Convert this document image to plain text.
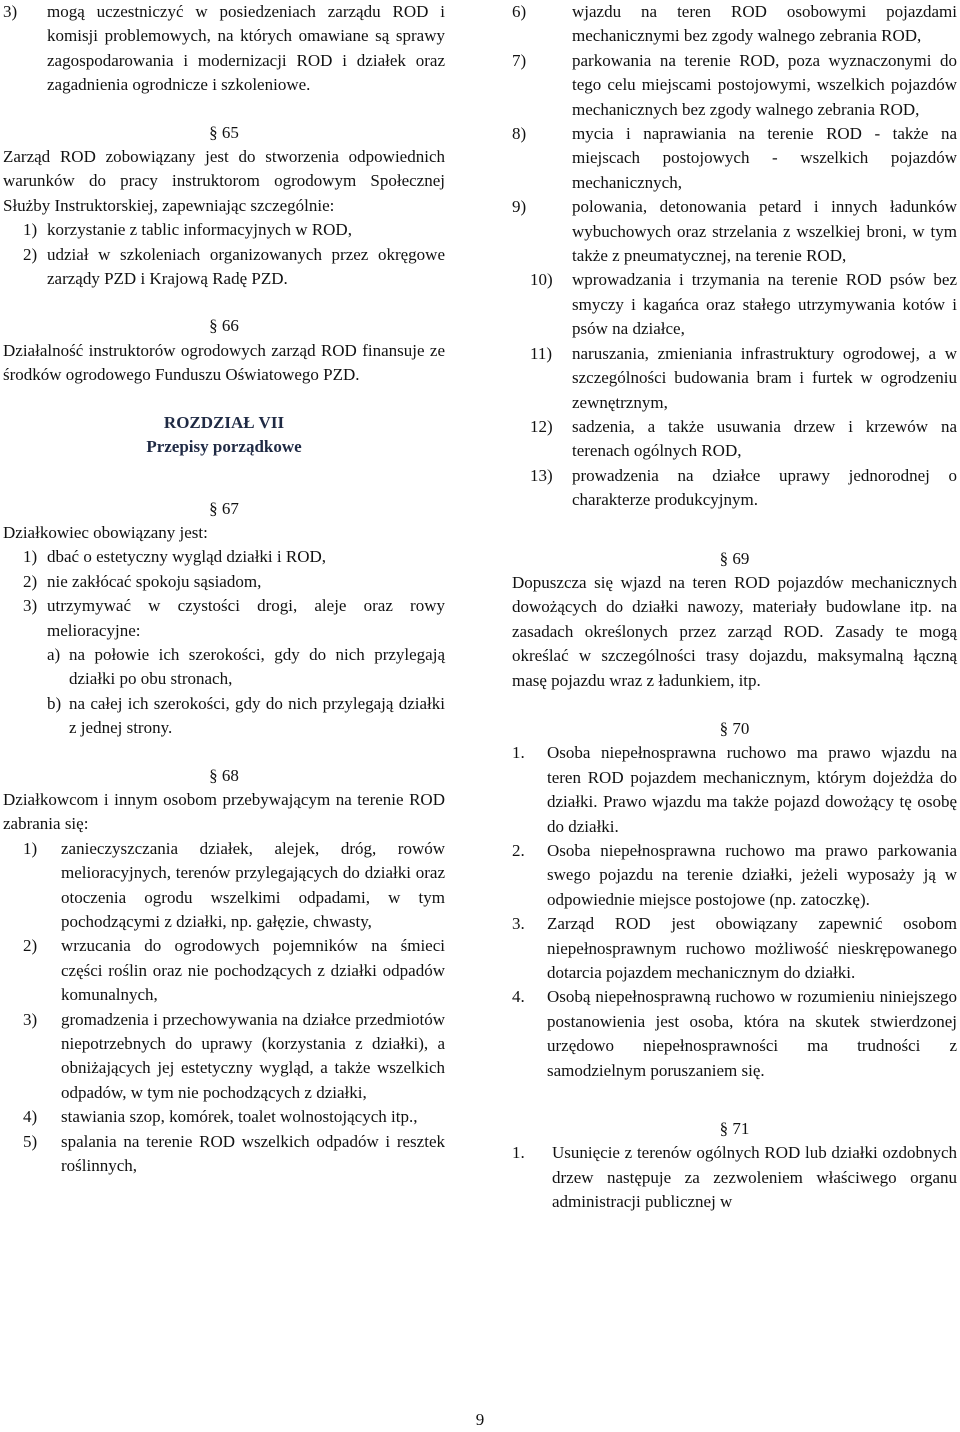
3) mogą uczestniczyć w posiedzeniach zarządu ROD i komisji problemowych, na których omawiane są sprawy zagospodarowania i modernizacji ROD i działek oraz zagadnienia ogrodnicze i szkoleniowe.

§ 65

Zarząd ROD zobowiązany jest do stworzenia odpowiednich warunków do pracy instruktorom ogrodowym Społecznej Służby Instruktorskiej, zapewniając szczególnie:

1) korzystanie z tablic informacyjnych w ROD,
2) udział w szkoleniach organizowanych przez okręgowe zarządy PZD i Krajową Radę PZD.

§ 66

Działalność instruktorów ogrodowych zarząd ROD finansuje ze środków ogrodowego Funduszu Oświatowego PZD.

ROZDZIAŁ VII

Przepisy porządkowe

§ 67

Działkowiec obowiązany jest:

1) dbać o estetyczny wygląd działki i ROD,
2) nie zakłócać spokoju sąsiadom,
3) utrzymywać w czystości drogi, aleje oraz rowy melioracyjne:
a) na połowie ich szerokości, gdy do nich przylegają działki po obu stronach,
b) na całej ich szerokości, gdy do nich przylegają działki z jednej strony.

§ 68

Działkowcom i innym osobom przebywającym na terenie ROD zabrania się:

1) zanieczyszczania działek, alejek, dróg, rowów melioracyjnych, terenów przylegających do działki oraz otoczenia ogrodu wszelkimi odpadami, w tym pochodzącymi z działki, np. gałęzie, chwasty,
2) wrzucania do ogrodowych pojemników na śmieci części roślin oraz nie pochodzących z działki odpadów komunalnych,
3) gromadzenia i przechowywania na działce przedmiotów niepotrzebnych do uprawy (korzystania z działki), a obniżających jej estetyczny wygląd, a także wszelkich odpadów, w tym nie pochodzących z działki,
4) stawiania szop, komórek, toalet wolnostojących itp.,
5) spalania na terenie ROD wszelkich odpadów i resztek roślinnych,
6)	wjazdu na teren ROD osobowymi pojazdami mechanicznymi bez zgody walnego zebrania ROD,
7)	parkowania na terenie ROD, poza wyznaczonymi do tego celu miejscami postojowymi, wszelkich pojazdów mechanicznych bez zgody walnego zebrania ROD,
8)	mycia i naprawiania na terenie ROD - także na miejscach postojowych - wszelkich pojazdów mechanicznych,
9)	polowania, detonowania petard i innych ładunków wybuchowych oraz strzelania z wszelkiej broni, w tym także z pneumatycznej, na terenie ROD,
10) wprowadzania i trzymania na terenie ROD psów bez smyczy i kagańca oraz stałego utrzymywania kotów i psów na działce,
11) naruszania, zmieniania infrastruktury ogrodowej, a w szczególności budowania bram i furtek w ogrodzeniu zewnętrznym,
12) sadzenia, a także usuwania drzew i krzewów na terenach ogólnych ROD,
13) prowadzenia na działce uprawy jednorodnej o charakterze produkcyjnym.

§ 69

Dopuszcza się wjazd na teren ROD pojazdów mechanicznych dowożących do działki nawozy, materiały budowlane itp. na zasadach określonych przez zarząd ROD. Zasady te mogą określać w szczególności trasy dojazdu, maksymalną łączną masę pojazdu wraz z ładunkiem, itp.

§ 70

1. Osoba niepełnosprawna ruchowo ma prawo wjazdu na teren ROD pojazdem mechanicznym, którym dojeżdża do działki. Prawo wjazdu ma także pojazd dowożący tę osobę do działki.
2. Osoba niepełnosprawna ruchowo ma prawo parkowania swego pojazdu na terenie działki, jeżeli wyposaży ją w odpowiednie miejsce postojowe (np. zatoczkę).
3. Zarząd ROD jest obowiązany zapewnić osobom niepełnosprawnym ruchowo możliwość nieskrępowanego dotarcia pojazdem mechanicznym do działki.
4. Osobą niepełnosprawną ruchowo w rozumieniu niniejszego postanowienia jest osoba, która na skutek stwierdzonej urzędowo niepełnosprawności ma trudności z samodzielnym poruszaniem się.

§ 71

1. Usunięcie z terenów ogólnych ROD lub działki ozdobnych drzew następuje za zezwoleniem właściwego organu administracji publicznej w
9
